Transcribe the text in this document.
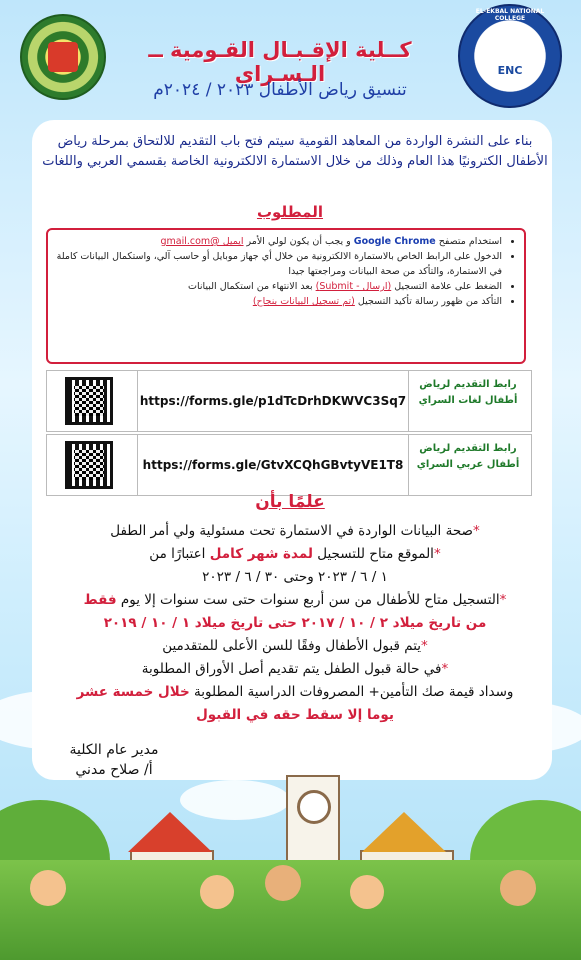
كــلية الإقـبـال القـومية ــ الـسـراي
تنسيق رياض الأطفال ٢٠٢٣ / ٢٠٢٤م
EL-EKBAL NATIONAL COLLEGE
ENC
بناء على النشرة الواردة من المعاهد القومية سيتم فتح باب التقديم للالتحاق بمرحلة رياض الأطفال الكترونيًا هذا العام وذلك من خلال الاستمارة الالكترونية الخاصة بقسمي العربي واللغات
المطلوب
• استخدام متصفح Google Chrome و يجب أن يكون لولي الأمر ايميل @gmail.com
• الدخول على الرابط الخاص بالاستمارة الالكترونية من خلال أي جهاز موبايل أو حاسب آلي، واستكمال البيانات كاملة في الاستمارة، والتأكد من صحة البيانات ومراجعتها جيدا
• الضغط على علامة التسجيل (ارسال - Submit) بعد الانتهاء من استكمال البيانات
• التأكد من ظهور رسالة تأكيد التسجيل (تم تسجيل البيانات بنجاح)
https://forms.gle/p1dTcDrhDKWVC3Sq7
رابط التقديم لرياض أطفال لغات السراي
https://forms.gle/GtvXCQhGBvtyVE1T8
رابط التقديم لرياض أطفال عربي السراي
علمًا بأن
*صحة البيانات الواردة في الاستمارة تحت مسئولية ولي أمر الطفل
*الموقع متاح للتسجيل لمدة شهر كامل اعتبارًا من
١ / ٦ / ٢٠٢٣ وحتى ٣٠ / ٦ / ٢٠٢٣
*التسجيل متاح للأطفال من سن أربع سنوات حتى ست سنوات إلا يوم فقط
من تاريخ ميلاد ٢ / ١٠ / ٢٠١٧ حتى تاريخ ميلاد ١ / ١٠ / ٢٠١٩
*يتم قبول الأطفال وفقًا للسن الأعلى للمتقدمين
*في حالة قبول الطفل يتم تقديم أصل الأوراق المطلوبة
وسداد قيمة صك التأمين+ المصروفات الدراسية المطلوبة خلال خمسة عشر
يوما إلا سقط حقه في القبول
مدير عام الكلية
أ/ صلاح مدني
